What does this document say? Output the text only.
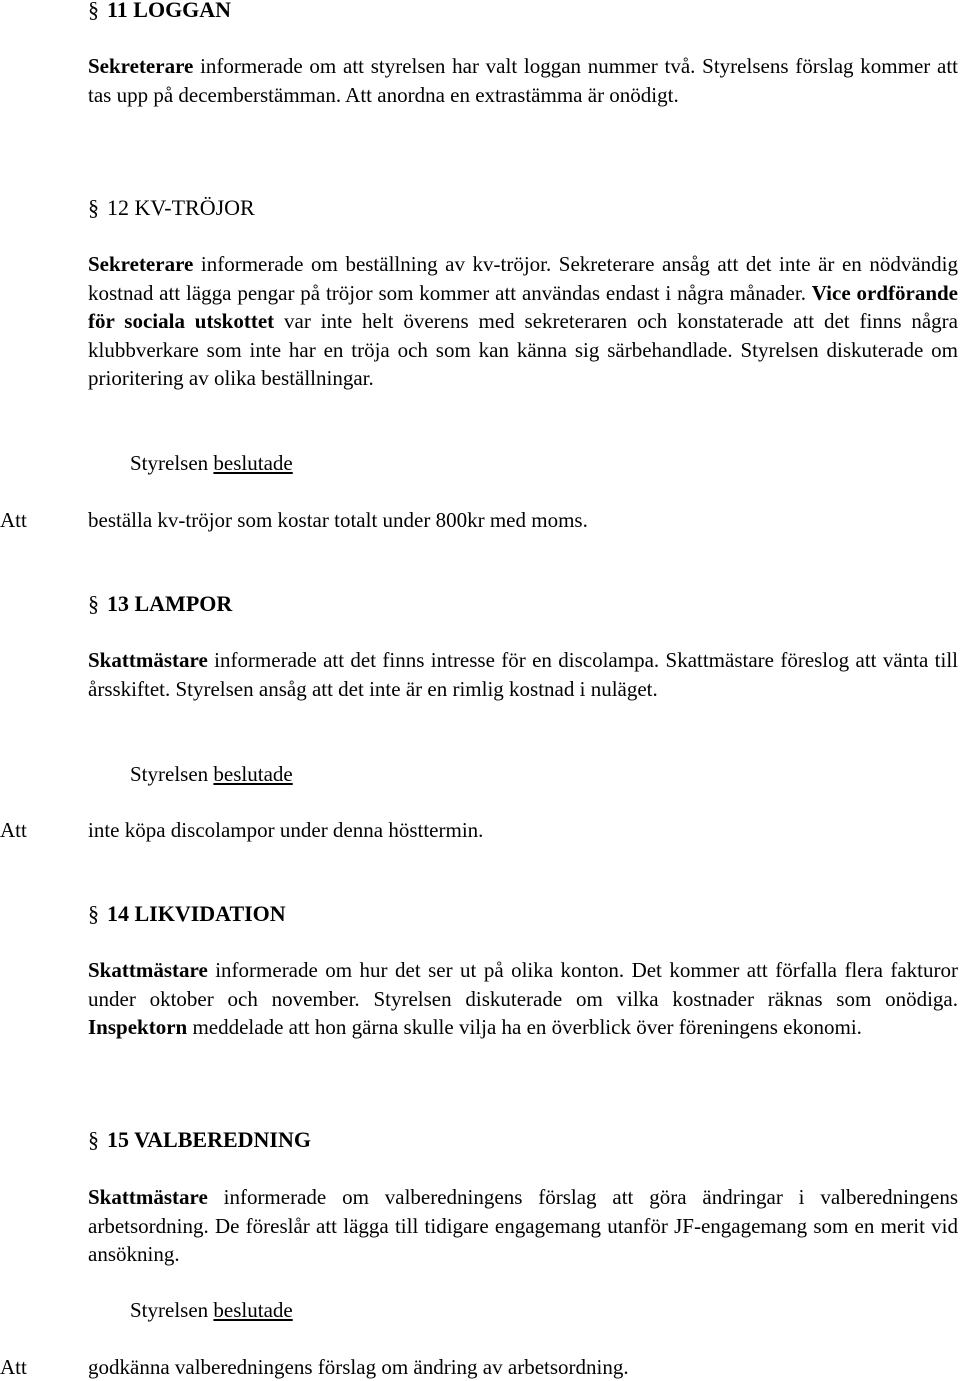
§ 11 LOGGAN

Sekreterare informerade om att styrelsen har valt loggan nummer två. Styrelsens förslag kommer att tas upp på decemberstämman. Att anordna en extrastämma är onödigt.

§ 12 KV-TRÖJOR

Sekreterare informerade om beställning av kv-tröjor. Sekreterare ansåg att det inte är en nödvändig kostnad att lägga pengar på tröjor som kommer att användas endast i några månader. Vice ordförande för sociala utskottet var inte helt överens med sekreteraren och konstaterade att det finns några klubbverkare som inte har en tröja och som kan känna sig särbehandlade. Styrelsen diskuterade om prioritering av olika beställningar.

Styrelsen beslutade
Att	beställa kv-tröjor som kostar totalt under 800kr med moms.
§ 13 LAMPOR

Skattmästare informerade att det finns intresse för en discolampa. Skattmästare föreslog att vänta till årsskiftet. Styrelsen ansåg att det inte är en rimlig kostnad i nuläget.

Styrelsen beslutade
Att	inte köpa discolampor under denna hösttermin.
§ 14 LIKVIDATION

Skattmästare informerade om hur det ser ut på olika konton. Det kommer att förfalla flera fakturor under oktober och november. Styrelsen diskuterade om vilka kostnader räknas som onödiga. Inspektorn meddelade att hon gärna skulle vilja ha en överblick över föreningens ekonomi.

§ 15 VALBEREDNING

Skattmästare informerade om valberedningens förslag att göra ändringar i valberedningens arbetsordning. De föreslår att lägga till tidigare engagemang utanför JF-engagemang som en merit vid ansökning.

Styrelsen beslutade
Att	godkänna valberedningens förslag om ändring av arbetsordning.
